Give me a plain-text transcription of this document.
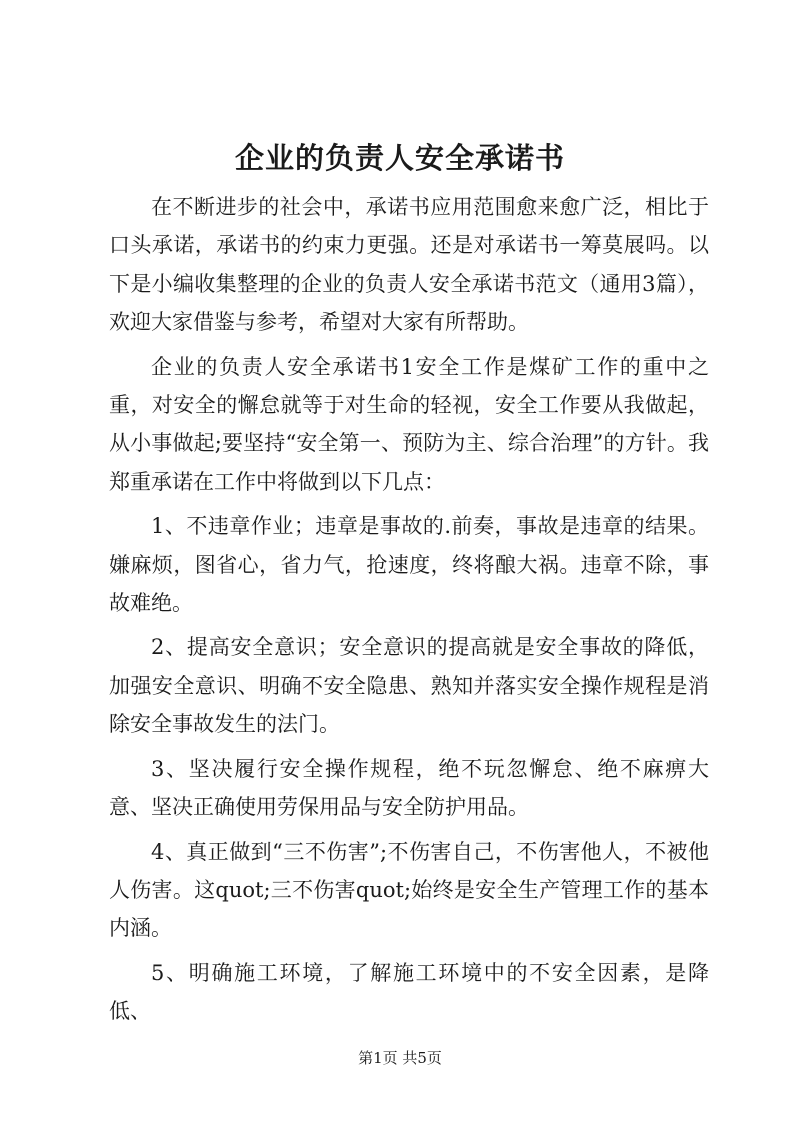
企业的负责人安全承诺书

在不断进步的社会中，承诺书应用范围愈来愈广泛，相比于口头承诺，承诺书的约束力更强。还是对承诺书一筹莫展吗。以下是小编收集整理的企业的负责人安全承诺书范文（通用3篇），欢迎大家借鉴与参考，希望对大家有所帮助。

企业的负责人安全承诺书1安全工作是煤矿工作的重中之重，对安全的懈怠就等于对生命的轻视，安全工作要从我做起，从小事做起;要坚持“安全第一、预防为主、综合治理”的方针。我郑重承诺在工作中将做到以下几点：

1、不违章作业；违章是事故的.前奏，事故是违章的结果。嫌麻烦，图省心，省力气，抢速度，终将酿大祸。违章不除，事故难绝。

2、提高安全意识；安全意识的提高就是安全事故的降低，加强安全意识、明确不安全隐患、熟知并落实安全操作规程是消除安全事故发生的法门。

3、坚决履行安全操作规程，绝不玩忽懈怠、绝不麻痹大意、坚决正确使用劳保用品与安全防护用品。

4、真正做到“三不伤害”;不伤害自己，不伤害他人，不被他人伤害。这quot;三不伤害quot;始终是安全生产管理工作的基本内涵。

5、明确施工环境，了解施工环境中的不安全因素，是降低、

第1页 共5页
